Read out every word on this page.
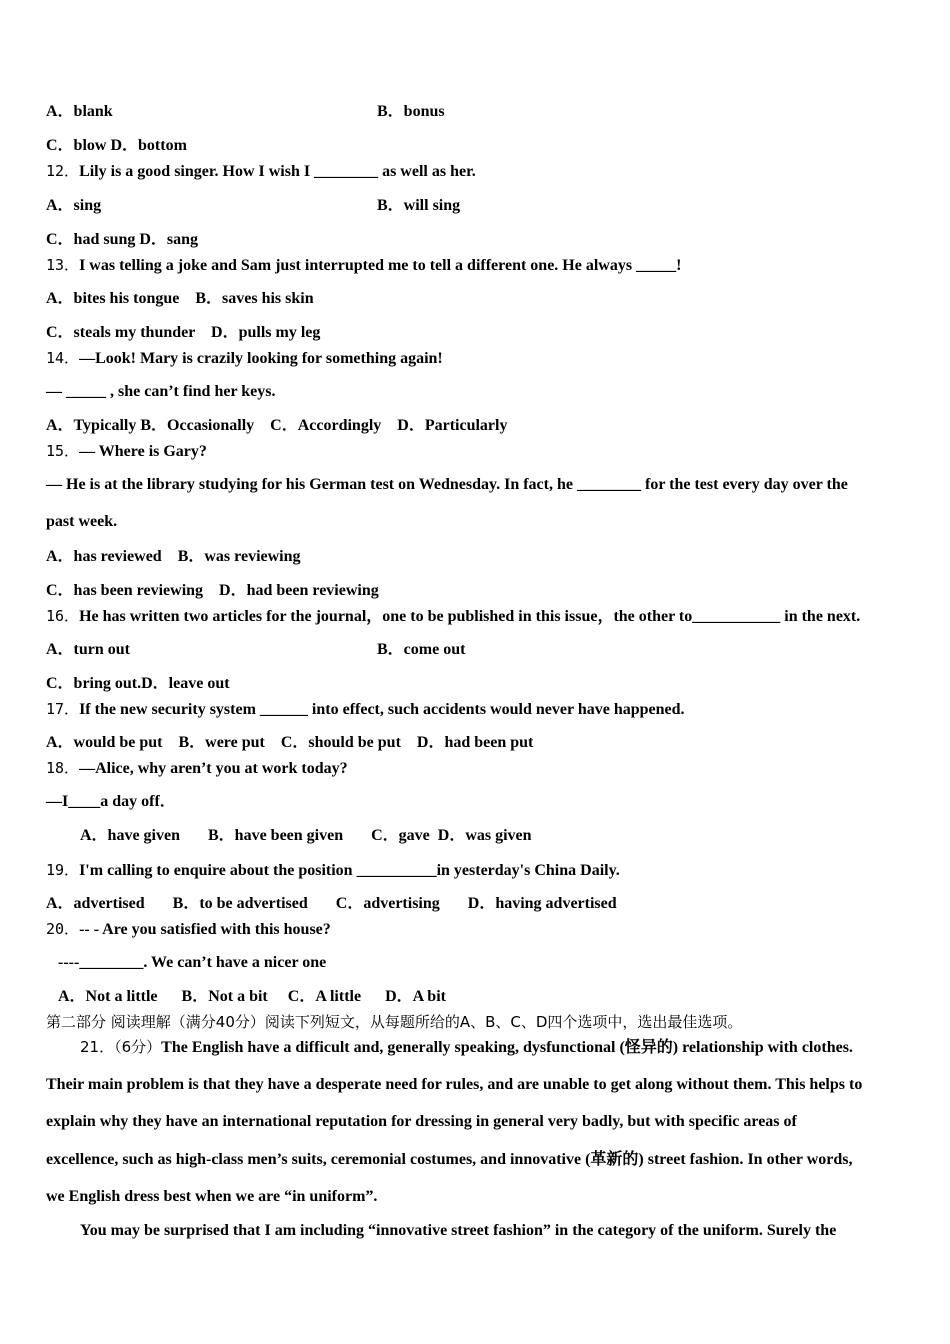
A．blank	B．bonus
C．blow D．bottom
12．Lily is a good singer. How I wish I ________ as well as her.
A．sing	B．will sing
C．had sung D．sang
13．I was telling a joke and Sam just interrupted me to tell a different one. He always _____!
A．bites his tongue    B．saves his skin
C．steals my thunder    D．pulls my leg
14．—Look! Mary is crazily looking for something again!
— _____ , she can’t find her keys.
A．Typically B．Occasionally    C．Accordingly    D．Particularly
15．— Where is Gary?
— He is at the library studying for his German test on Wednesday. In fact, he ________ for the test every day over the
past week.
A．has reviewed    B．was reviewing
C．has been reviewing    D．had been reviewing
16．He has written two articles for the journal，one to be published in this issue，the other to___________ in the next.
A．turn out	B．come out
C．bring out.D．leave out
17．If the new security system ______ into effect, such accidents would never have happened.
A．would be put    B．were put    C．should be put    D．had been put
18．—Alice, why aren’t you at work today?
—I____a day off．
A．have given       B．have been given       C．gave  D．was given
19．I'm calling to enquire about the position __________in yesterday's China Daily.
A．advertised       B．to be advertised       C．advertising       D．having advertised
20．-- - Are you satisfied with this house?
----________. We can’t have a nicer one
A．Not a little      B．Not a bit     C．A little      D．A bit
第二部分 阅读理解（满分40分）阅读下列短文，从每题所给的A、B、C、D四个选项中，选出最佳选项。
21．（6分）The English have a difficult and, generally speaking, dysfunctional (怪异的) relationship with clothes.
Their main problem is that they have a desperate need for rules, and are unable to get along without them. This helps to
explain why they have an international reputation for dressing in general very badly, but with specific areas of
excellence, such as high-class men’s suits, ceremonial costumes, and innovative (革新的) street fashion. In other words,
we English dress best when we are “in uniform”.
You may be surprised that I am including “innovative street fashion” in the category of the uniform. Surely the
